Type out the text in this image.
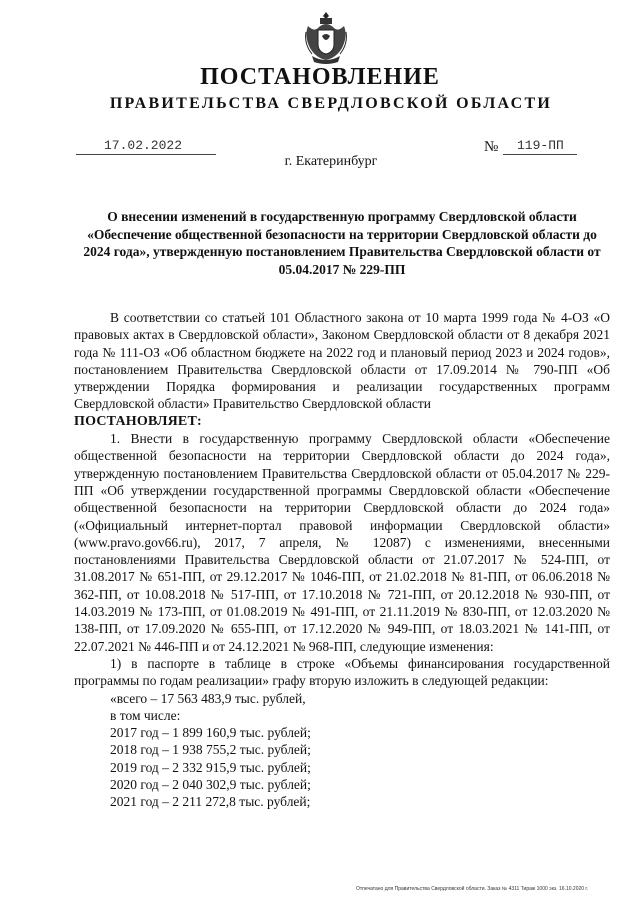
ПОСТАНОВЛЕНИЕ
ПРАВИТЕЛЬСТВА СВЕРДЛОВСКОЙ ОБЛАСТИ
17.02.2022	№	119-ПП
г. Екатеринбург
О внесении изменений в государственную программу Свердловской области «Обеспечение общественной безопасности на территории Свердловской области до 2024 года», утвержденную постановлением Правительства Свердловской области от 05.04.2017 № 229-ПП

В соответствии со статьей 101 Областного закона от 10 марта 1999 года № 4-ОЗ «О правовых актах в Свердловской области», Законом Свердловской области от 8 декабря 2021 года № 111-ОЗ «Об областном бюджете на 2022 год и плановый период 2023 и 2024 годов», постановлением Правительства Свердловской области от 17.09.2014 № 790-ПП «Об утверждении Порядка формирования и реализации государственных программ Свердловской области» Правительство Свердловской области

ПОСТАНОВЛЯЕТ:

1. Внести в государственную программу Свердловской области «Обеспечение общественной безопасности на территории Свердловской области до 2024 года», утвержденную постановлением Правительства Свердловской области от 05.04.2017 № 229-ПП «Об утверждении государственной программы Свердловской области «Обеспечение общественной безопасности на территории Свердловской области до 2024 года» («Официальный интернет-портал правовой информации Свердловской области» (www.pravo.gov66.ru), 2017, 7 апреля, № 12087) с изменениями, внесенными постановлениями Правительства Свердловской области от 21.07.2017 № 524-ПП, от 31.08.2017 № 651-ПП, от 29.12.2017 № 1046-ПП, от 21.02.2018 № 81-ПП, от 06.06.2018 № 362-ПП, от 10.08.2018 № 517-ПП, от 17.10.2018 № 721-ПП, от 20.12.2018 № 930-ПП, от 14.03.2019 № 173-ПП, от 01.08.2019 № 491-ПП, от 21.11.2019 № 830-ПП, от 12.03.2020 № 138-ПП, от 17.09.2020 № 655-ПП, от 17.12.2020 № 949-ПП, от 18.03.2021 № 141-ПП, от 22.07.2021 № 446-ПП и от 24.12.2021 № 968-ПП, следующие изменения:

1) в паспорте в таблице в строке «Объемы финансирования государственной программы по годам реализации» графу вторую изложить в следующей редакции:

«всего – 17 563 483,9 тыс. рублей,

в том числе:

2017 год – 1 899 160,9 тыс. рублей;

2018 год – 1 938 755,2 тыс. рублей;

2019 год – 2 332 915,9 тыс. рублей;

2020 год – 2 040 302,9 тыс. рублей;

2021 год – 2 211 272,8 тыс. рублей;

Отпечатано для Правительства Свердловской области. Заказ № 4311 Тираж 1000 экз. 16.10.2020 г.
